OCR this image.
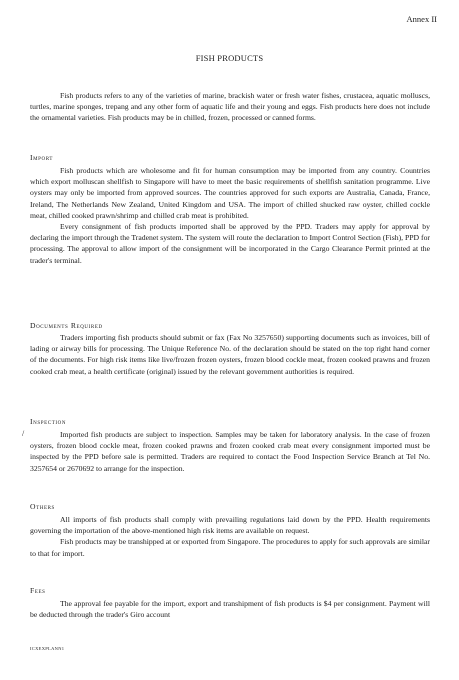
Annex II
FISH PRODUCTS

Fish products refers to any of the varieties of marine, brackish water or fresh water fishes, crustacea, aquatic molluscs, turtles, marine sponges, trepang and any other form of aquatic life and their young and eggs. Fish products here does not include the ornamental varieties. Fish products may be in chilled, frozen, processed or canned forms.

Import

Fish products which are wholesome and fit for human consumption may be imported from any country. Countries which export molluscan shellfish to Singapore will have to meet the basic requirements of shellfish sanitation programme. Live oysters may only be imported from approved sources. The countries approved for such exports are Australia, Canada, France, Ireland, The Netherlands New Zealand, United Kingdom and USA. The import of chilled shucked raw oyster, chilled cockle meat, chilled cooked prawn/shrimp and chilled crab meat is prohibited.

Every consignment of fish products imported shall be approved by the PPD. Traders may apply for approval by declaring the import through the Tradenet system. The system will route the declaration to Import Control Section (Fish), PPD for processing. The approval to allow import of the consignment will be incorporated in the Cargo Clearance Permit printed at the trader's terminal.

Documents Required

Traders importing fish products should submit or fax (Fax No 3257650) supporting documents such as invoices, bill of lading or airway bills for processing. The Unique Reference No. of the declaration should be stated on the top right hand corner of the documents. For high risk items like live/frozen frozen oysters, frozen blood cockle meat, frozen cooked prawns and frozen cooked crab meat, a health certificate (original) issued by the relevant government authorities is required.

Inspection
/	Imported fish products are subject to inspection. Samples may be taken for laboratory analysis. In the case of frozen oysters, frozen blood cockle meat, frozen cooked prawns and frozen cooked crab meat every consignment imported must be inspected by the PPD before sale is permitted. Traders are required to contact the Food Inspection Service Branch at Tel No. 3257654 or 2670692 to arrange for the inspection.

Others

All imports of fish products shall comply with prevailing regulations laid down by the PPD. Health requirements governing the importation of the above-mentioned high risk items are available on request.

Fish products may be transhipped at or exported from Singapore. The procedures to apply for such approvals are similar to that for import.

Fees

The approval fee payable for the import, export and transhipment of fish products is $4 per consignment. Payment will be deducted through the trader's Giro account

ICXEXPLANN1
